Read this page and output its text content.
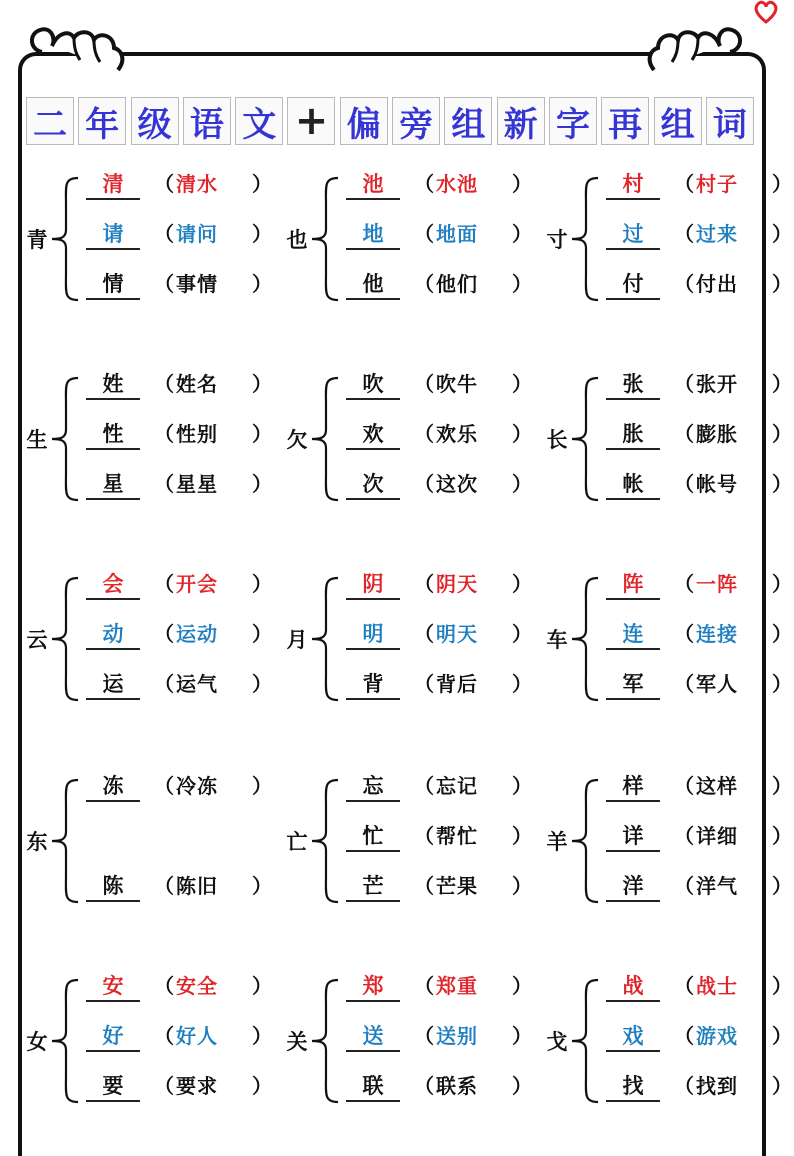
二 年 级 语 文 + 偏 旁 组 新 字 再 组 词
青
清	（ 清水 ）
请	（ 请问 ）
情	（ 事情 ）
也
池	（ 水池 ）
地	（ 地面 ）
他	（ 他们 ）
寸
村	（ 村子 ）
过	（ 过来 ）
付	（ 付出 ）
生
姓	（ 姓名 ）
性	（ 性别 ）
星	（ 星星 ）
欠
吹	（ 吹牛 ）
欢	（ 欢乐 ）
次	（ 这次 ）
长
张	（ 张开 ）
胀	（ 膨胀 ）
帐	（ 帐号 ）
云
会	（ 开会 ）
动	（ 运动 ）
运	（ 运气 ）
月
阴	（ 阴天 ）
明	（ 明天 ）
背	（ 背后 ）
车
阵	（ 一阵 ）
连	（ 连接 ）
军	（ 军人 ）
东
冻	（ 冷冻 ）
陈	（ 陈旧 ）
亡
忘	（ 忘记 ）
忙	（ 帮忙 ）
芒	（ 芒果 ）
羊
样	（ 这样 ）
详	（ 详细 ）
洋	（ 洋气 ）
女
安	（ 安全 ）
好	（ 好人 ）
要	（ 要求 ）
关
郑	（ 郑重 ）
送	（ 送别 ）
联	（ 联系 ）
戈
战	（ 战士 ）
戏	（ 游戏 ）
找	（ 找到 ）
